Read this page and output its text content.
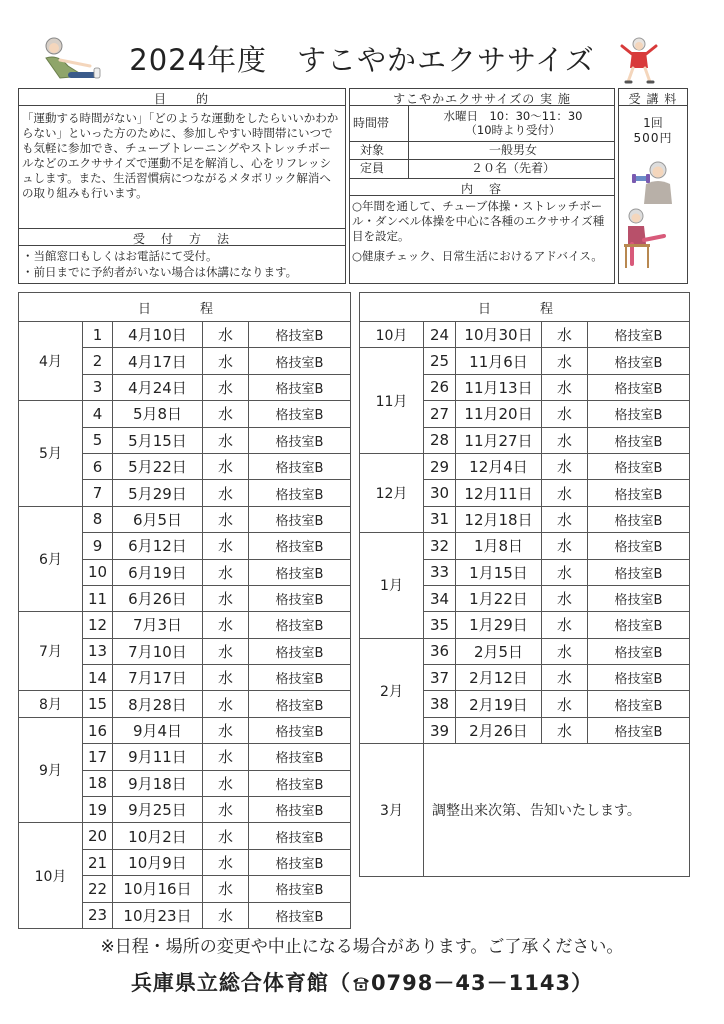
2024年度　すこやかエクササイズ
目　　的
「運動する時間がない」「どのような運動をしたらいいかわからない」といった方のために、参加しやすい時間帯にいつでも気軽に参加でき、チューブトレーニングやストレッチボールなどのエクササイズで運動不足を解消し、心をリフレッシュします。また、生活習慣病につながるメタボリック解消への取り組みも行います。
受　付　方　法
・当館窓口もしくはお電話にて受付。
・前日までに予約者がいない場合は休講になります。
すこやかエクササイズの 実 施
時間帯	水曜日　10：30～11：30
（10時より受付）
対象	一般男女
定員	２０名（先着）
内　容
○年間を通して、チューブ体操・ストレッチボール・ダンベル体操を中心に各種のエクササイズ種目を設定。
○健康チェック、日常生活におけるアドバイス。
受 講 料
1回
500円
日　程				
4月	1	4月10日	水	格技室B
	2	4月17日	水	格技室B
	3	4月24日	水	格技室B
5月	4	5月8日	水	格技室B
	5	5月15日	水	格技室B
	6	5月22日	水	格技室B
	7	5月29日	水	格技室B
6月	8	6月5日	水	格技室B
	9	6月12日	水	格技室B
	10	6月19日	水	格技室B
	11	6月26日	水	格技室B
7月	12	7月3日	水	格技室B
	13	7月10日	水	格技室B
	14	7月17日	水	格技室B
8月	15	8月28日	水	格技室B
9月	16	9月4日	水	格技室B
	17	9月11日	水	格技室B
	18	9月18日	水	格技室B
	19	9月25日	水	格技室B
10月	20	10月2日	水	格技室B
	21	10月9日	水	格技室B
	22	10月16日	水	格技室B
	23	10月23日	水	格技室B
日　程				
10月	24	10月30日	水	格技室B
11月	25	11月6日	水	格技室B
	26	11月13日	水	格技室B
	27	11月20日	水	格技室B
	28	11月27日	水	格技室B
12月	29	12月4日	水	格技室B
	30	12月11日	水	格技室B
	31	12月18日	水	格技室B
1月	32	1月8日	水	格技室B
	33	1月15日	水	格技室B
	34	1月22日	水	格技室B
	35	1月29日	水	格技室B
2月	36	2月5日	水	格技室B
	37	2月12日	水	格技室B
	38	2月19日	水	格技室B
	39	2月26日	水	格技室B
3月	調整出来次第、告知いたします。			
※日程・場所の変更や中止になる場合があります。ご了承ください。
兵庫県立総合体育館（ 0798－43－1143）
